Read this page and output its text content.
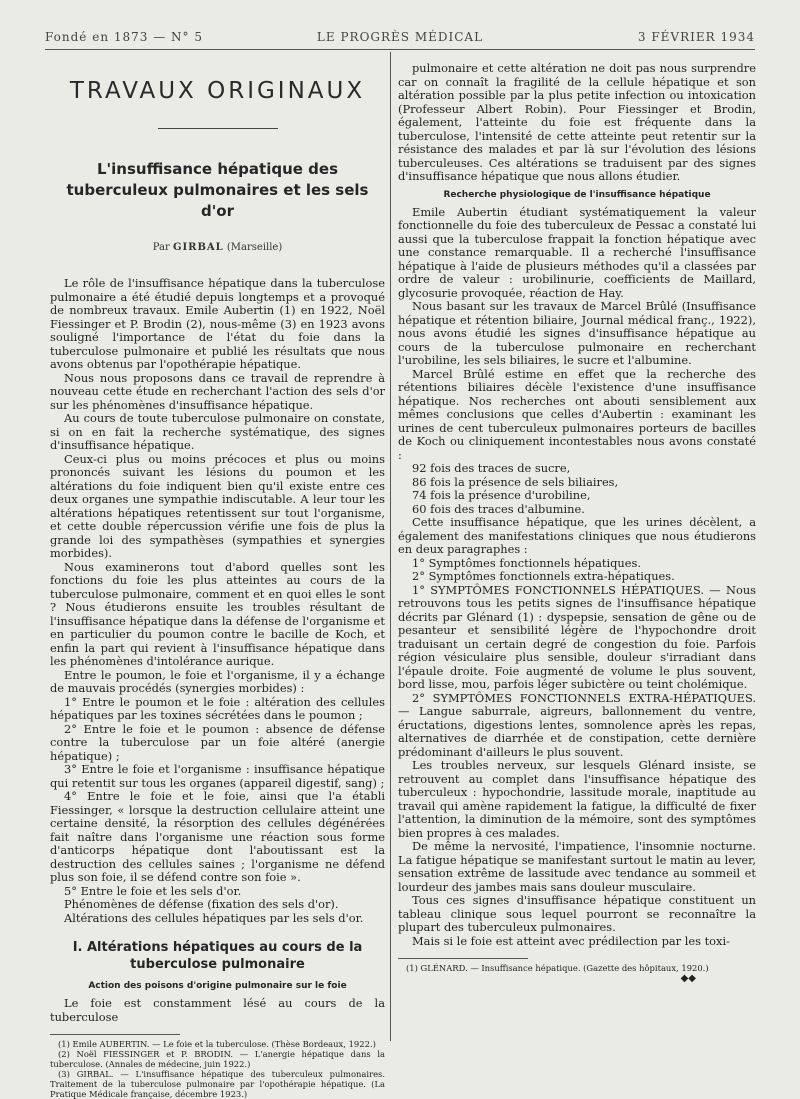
Fondé en 1873 — N° 5	LE PROGRÈS MÉDICAL	3 FÉVRIER 1934
TRAVAUX ORIGINAUX
L'insuffisance hépatique des tuberculeux pulmonaires et les sels d'or
Par GIRBAL (Marseille)

Le rôle de l'insuffisance hépatique dans la tuberculose pulmonaire a été étudié depuis longtemps et a provoqué de nombreux travaux. Emile Aubertin (1) en 1922, Noël Fiessinger et P. Brodin (2), nous-même (3) en 1923 avons souligné l'importance de l'état du foie dans la tuberculose pulmonaire et publié les résultats que nous avons obtenus par l'opothérapie hépatique.

Nous nous proposons dans ce travail de reprendre à nouveau cette étude en recherchant l'action des sels d'or sur les phénomènes d'insuffisance hépatique.

Au cours de toute tuberculose pulmonaire on constate, si on en fait la recherche systématique, des signes d'insuffisance hépatique.

Ceux-ci plus ou moins précoces et plus ou moins prononcés suivant les lésions du poumon et les altérations du foie indiquent bien qu'il existe entre ces deux organes une sympathie indiscutable. A leur tour les altérations hépatiques retentissent sur tout l'organisme, et cette double répercussion vérifie une fois de plus la grande loi des sympathèses (sympathies et synergies morbides).

Nous examinerons tout d'abord quelles sont les fonctions du foie les plus atteintes au cours de la tuberculose pulmonaire, comment et en quoi elles le sont ? Nous étudierons ensuite les troubles résultant de l'insuffisance hépatique dans la défense de l'organisme et en particulier du poumon contre le bacille de Koch, et enfin la part qui revient à l'insuffisance hépatique dans les phénomènes d'intolérance aurique.

Entre le poumon, le foie et l'organisme, il y a échange de mauvais procédés (synergies morbides) :

1° Entre le poumon et le foie : altération des cellules hépatiques par les toxines sécrétées dans le poumon ;

2° Entre le foie et le poumon : absence de défense contre la tuberculose par un foie altéré (anergie hépatique) ;

3° Entre le foie et l'organisme : insuffisance hépatique qui retentit sur tous les organes (appareil digestif, sang) ;

4° Entre le foie et le foie, ainsi que l'a établi Fiessinger, « lorsque la destruction cellulaire atteint une certaine densité, la résorption des cellules dégénérées fait naître dans l'organisme une réaction sous forme d'anticorps hépatique dont l'aboutissant est la destruction des cellules saines ; l'organisme ne défend plus son foie, il se défend contre son foie ».

5° Entre le foie et les sels d'or.

Phénomènes de défense (fixation des sels d'or).

Altérations des cellules hépatiques par les sels d'or.

I. Altérations hépatiques au cours de la tuberculose pulmonaire
Action des poisons d'origine pulmonaire sur le foie

Le foie est constamment lésé au cours de la tuberculose

(1) Emile AUBERTIN. — Le foie et la tuberculose. (Thèse Bordeaux, 1922.)

(2) Noël FIESSINGER et P. BRODIN. — L'anergie hépatique dans la tuberculose. (Annales de médecine, juin 1922.)

(3) GIRBAL. — L'insuffisance hépatique des tuberculeux pulmonaires. Traitement de la tuberculose pulmonaire par l'opothérapie hépatique. (La Pratique Médicale française, décembre 1923.)

pulmonaire et cette altération ne doit pas nous surprendre car on connaît la fragilité de la cellule hépatique et son altération possible par la plus petite infection ou intoxication (Professeur Albert Robin). Pour Fiessinger et Brodin, également, l'atteinte du foie est fréquente dans la tuberculose, l'intensité de cette atteinte peut retentir sur la résistance des malades et par là sur l'évolution des lésions tuberculeuses. Ces altérations se traduisent par des signes d'insuffisance hépatique que nous allons étudier.

Recherche physiologique de l'insuffisance hépatique

Emile Aubertin étudiant systématiquement la valeur fonctionnelle du foie des tuberculeux de Pessac a constaté lui aussi que la tuberculose frappait la fonction hépatique avec une constance remarquable. Il a recherché l'insuffisance hépatique à l'aide de plusieurs méthodes qu'il a classées par ordre de valeur : urobilinurie, coefficients de Maillard, glycosurie provoquée, réaction de Hay.

Nous basant sur les travaux de Marcel Brûlé (Insuffisance hépatique et rétention biliaire, Journal médical franç., 1922), nous avons étudié les signes d'insuffisance hépatique au cours de la tuberculose pulmonaire en recherchant l'urobiline, les sels biliaires, le sucre et l'albumine.

Marcel Brûlé estime en effet que la recherche des rétentions biliaires décèle l'existence d'une insuffisance hépatique. Nos recherches ont abouti sensiblement aux mêmes conclusions que celles d'Aubertin : examinant les urines de cent tuberculeux pulmonaires porteurs de bacilles de Koch ou cliniquement incontestables nous avons constaté :

92 fois des traces de sucre,

86 fois la présence de sels biliaires,

74 fois la présence d'urobiline,

60 fois des traces d'albumine.

Cette insuffisance hépatique, que les urines décèlent, a également des manifestations cliniques que nous étudierons en deux paragraphes :

1° Symptômes fonctionnels hépatiques.

2° Symptômes fonctionnels extra-hépatiques.

1° SYMPTÔMES FONCTIONNELS HÉPATIQUES. — Nous retrouvons tous les petits signes de l'insuffisance hépatique décrits par Glénard (1) : dyspepsie, sensation de gêne ou de pesanteur et sensibilité légère de l'hypochondre droit traduisant un certain degré de congestion du foie. Parfois région vésiculaire plus sensible, douleur s'irradiant dans l'épaule droite. Foie augmenté de volume le plus souvent, bord lisse, mou, parfois léger subictère ou teint cholémique.

2° SYMPTÔMES FONCTIONNELS EXTRA-HÉPATIQUES. — Langue saburrale, aigreurs, ballonnement du ventre, éructations, digestions lentes, somnolence après les repas, alternatives de diarrhée et de constipation, cette dernière prédominant d'ailleurs le plus souvent.

Les troubles nerveux, sur lesquels Glénard insiste, se retrouvent au complet dans l'insuffisance hépatique des tuberculeux : hypochondrie, lassitude morale, inaptitude au travail qui amène rapidement la fatigue, la difficulté de fixer l'attention, la diminution de la mémoire, sont des symptômes bien propres à ces malades.

De même la nervosité, l'impatience, l'insomnie nocturne. La fatigue hépatique se manifestant surtout le matin au lever, sensation extrême de lassitude avec tendance au sommeil et lourdeur des jambes mais sans douleur musculaire.

Tous ces signes d'insuffisance hépatique constituent un tableau clinique sous lequel pourront se reconnaître la plupart des tuberculeux pulmonaires.

Mais si le foie est atteint avec prédilection par les toxi-

(1) GLÉNARD. — Insuffisance hépatique. (Gazette des hôpitaux, 1920.)

◆◆
